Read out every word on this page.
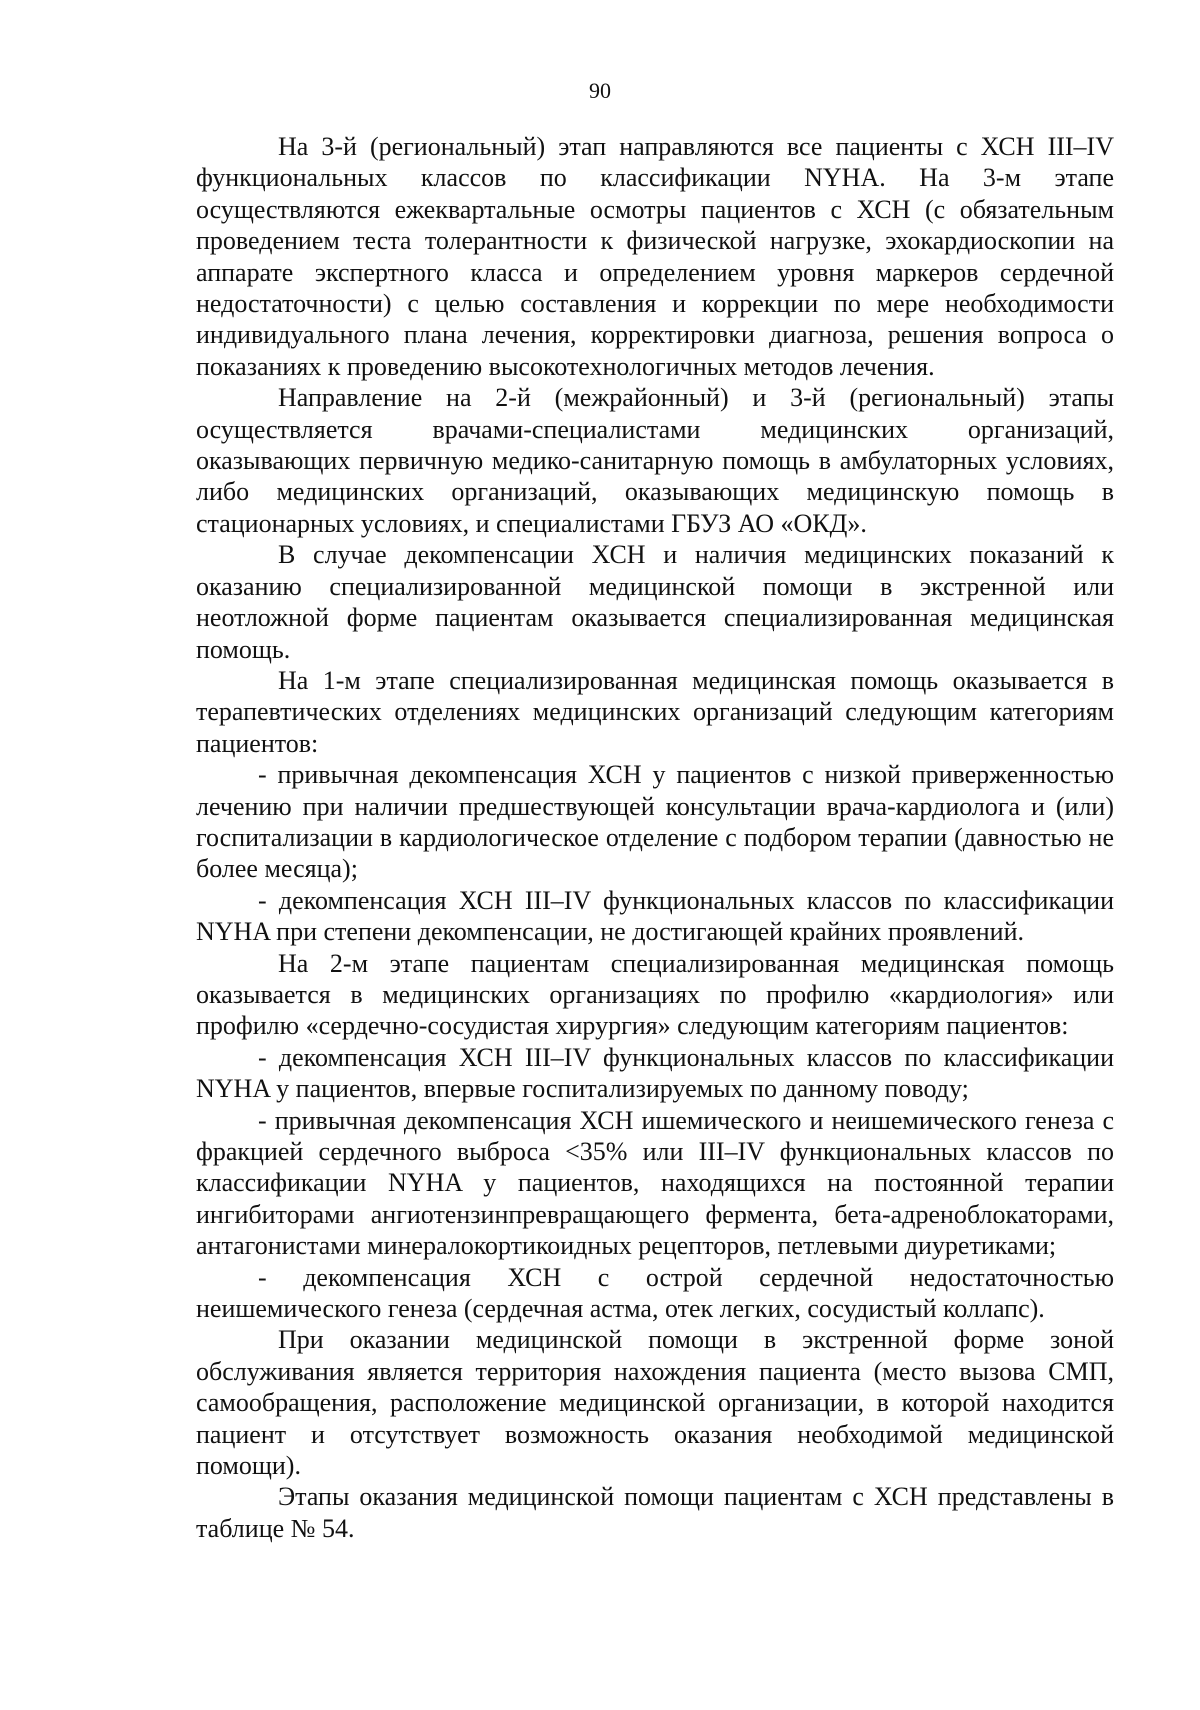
90

На 3-й (региональный) этап направляются все пациенты с ХСН III–IV функциональных классов по классификации NYHA. На 3-м этапе осуществляются ежеквартальные осмотры пациентов с ХСН (с обязательным проведением теста толерантности к физической нагрузке, эхокардиоскопии на аппарате экспертного класса и определением уровня маркеров сердечной недостаточности) с целью составления и коррекции по мере необходимости индивидуального плана лечения, корректировки диагноза, решения вопроса о показаниях к проведению высокотехнологичных методов лечения.

Направление на 2-й (межрайонный) и 3-й (региональный) этапы осуществляется врачами-специалистами медицинских организаций, оказывающих первичную медико-санитарную помощь в амбулаторных условиях, либо медицинских организаций, оказывающих медицинскую помощь в стационарных условиях, и специалистами ГБУЗ АО «ОКД».

В случае декомпенсации ХСН и наличия медицинских показаний к оказанию специализированной медицинской помощи в экстренной или неотложной форме пациентам оказывается специализированная медицинская помощь.

На 1-м этапе специализированная медицинская помощь оказывается в терапевтических отделениях медицинских организаций следующим категориям пациентов:

- привычная декомпенсация ХСН у пациентов с низкой приверженностью лечению при наличии предшествующей консультации врача-кардиолога и (или) госпитализации в кардиологическое отделение с подбором терапии (давностью не более месяца);

- декомпенсация ХСН III–IV функциональных классов по классификации NYHA при степени декомпенсации, не достигающей крайних проявлений.

На 2-м этапе пациентам специализированная медицинская помощь оказывается в медицинских организациях по профилю «кардиология» или профилю «сердечно-сосудистая хирургия» следующим категориям пациентов:

- декомпенсация ХСН III–IV функциональных классов по классификации NYHA у пациентов, впервые госпитализируемых по данному поводу;

- привычная декомпенсация ХСН ишемического и неишемического генеза с фракцией сердечного выброса <35% или III–IV функциональных классов по классификации NYHA у пациентов, находящихся на постоянной терапии ингибиторами ангиотензинпревращающего фермента, бета-адреноблокаторами, антагонистами минералокортикоидных рецепторов, петлевыми диуретиками;

- декомпенсация ХСН с острой сердечной недостаточностью неишемического генеза (сердечная астма, отек легких, сосудистый коллапс).

При оказании медицинской помощи в экстренной форме зоной обслуживания является территория нахождения пациента (место вызова СМП, самообращения, расположение медицинской организации, в которой находится пациент и отсутствует возможность оказания необходимой медицинской помощи).

Этапы оказания медицинской помощи пациентам с ХСН представлены в таблице № 54.
